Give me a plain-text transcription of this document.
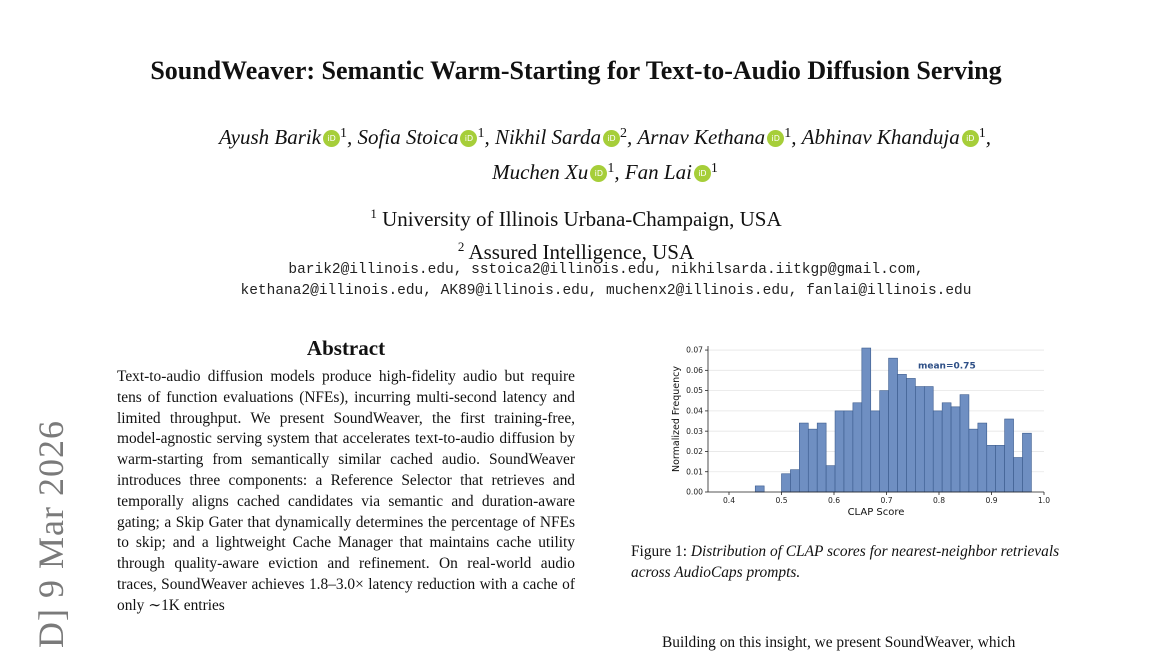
D] 9 Mar 2026
SoundWeaver: Semantic Warm-Starting for Text-to-Audio Diffusion Serving
Ayush Barik iD $^1$, Sofia Stoica iD $^1$, Nikhil Sarda iD $^2$, Arnav Kethana iD $^1$, Abhinav Khanduja iD $^1$,
Muchen Xu iD $^1$, Fan Lai iD $^1$
$^1$ University of Illinois Urbana-Champaign, USA
$^2$ Assured Intelligence, USA
barik2@illinois.edu, sstoica2@illinois.edu, nikhilsarda.iitkgp@gmail.com,
kethana2@illinois.edu, AK89@illinois.edu, muchenx2@illinois.edu, fanlai@illinois.edu
Abstract
Text-to-audio diffusion models produce high-fidelity audio but require tens of function evaluations (NFEs), incurring multi-second latency and limited throughput. We present SoundWeaver, the first training-free, model-agnostic serving system that accelerates text-to-audio diffusion by warm-starting from semantically similar cached audio. SoundWeaver introduces three components: a Reference Selector that retrieves and temporally aligns cached candidates via semantic and duration-aware gating; a Skip Gater that dynamically determines the percentage of NFEs to skip; and a lightweight Cache Manager that maintains cache utility through quality-aware eviction and refinement. On real-world audio traces, SoundWeaver achieves 1.8–3.0× latency reduction with a cache of only ∼1K entries
0.00
0.01
0.02
0.03
0.04
0.05
0.06
0.07
0.4	0.5	0.6	0.7	0.8	0.9	1.0
CLAP Score
Normalized Frequency	mean=0.75
Figure 1: Distribution of CLAP scores for nearest-neighbor retrievals across AudioCaps prompts.
Building on this insight, we present SoundWeaver, which
